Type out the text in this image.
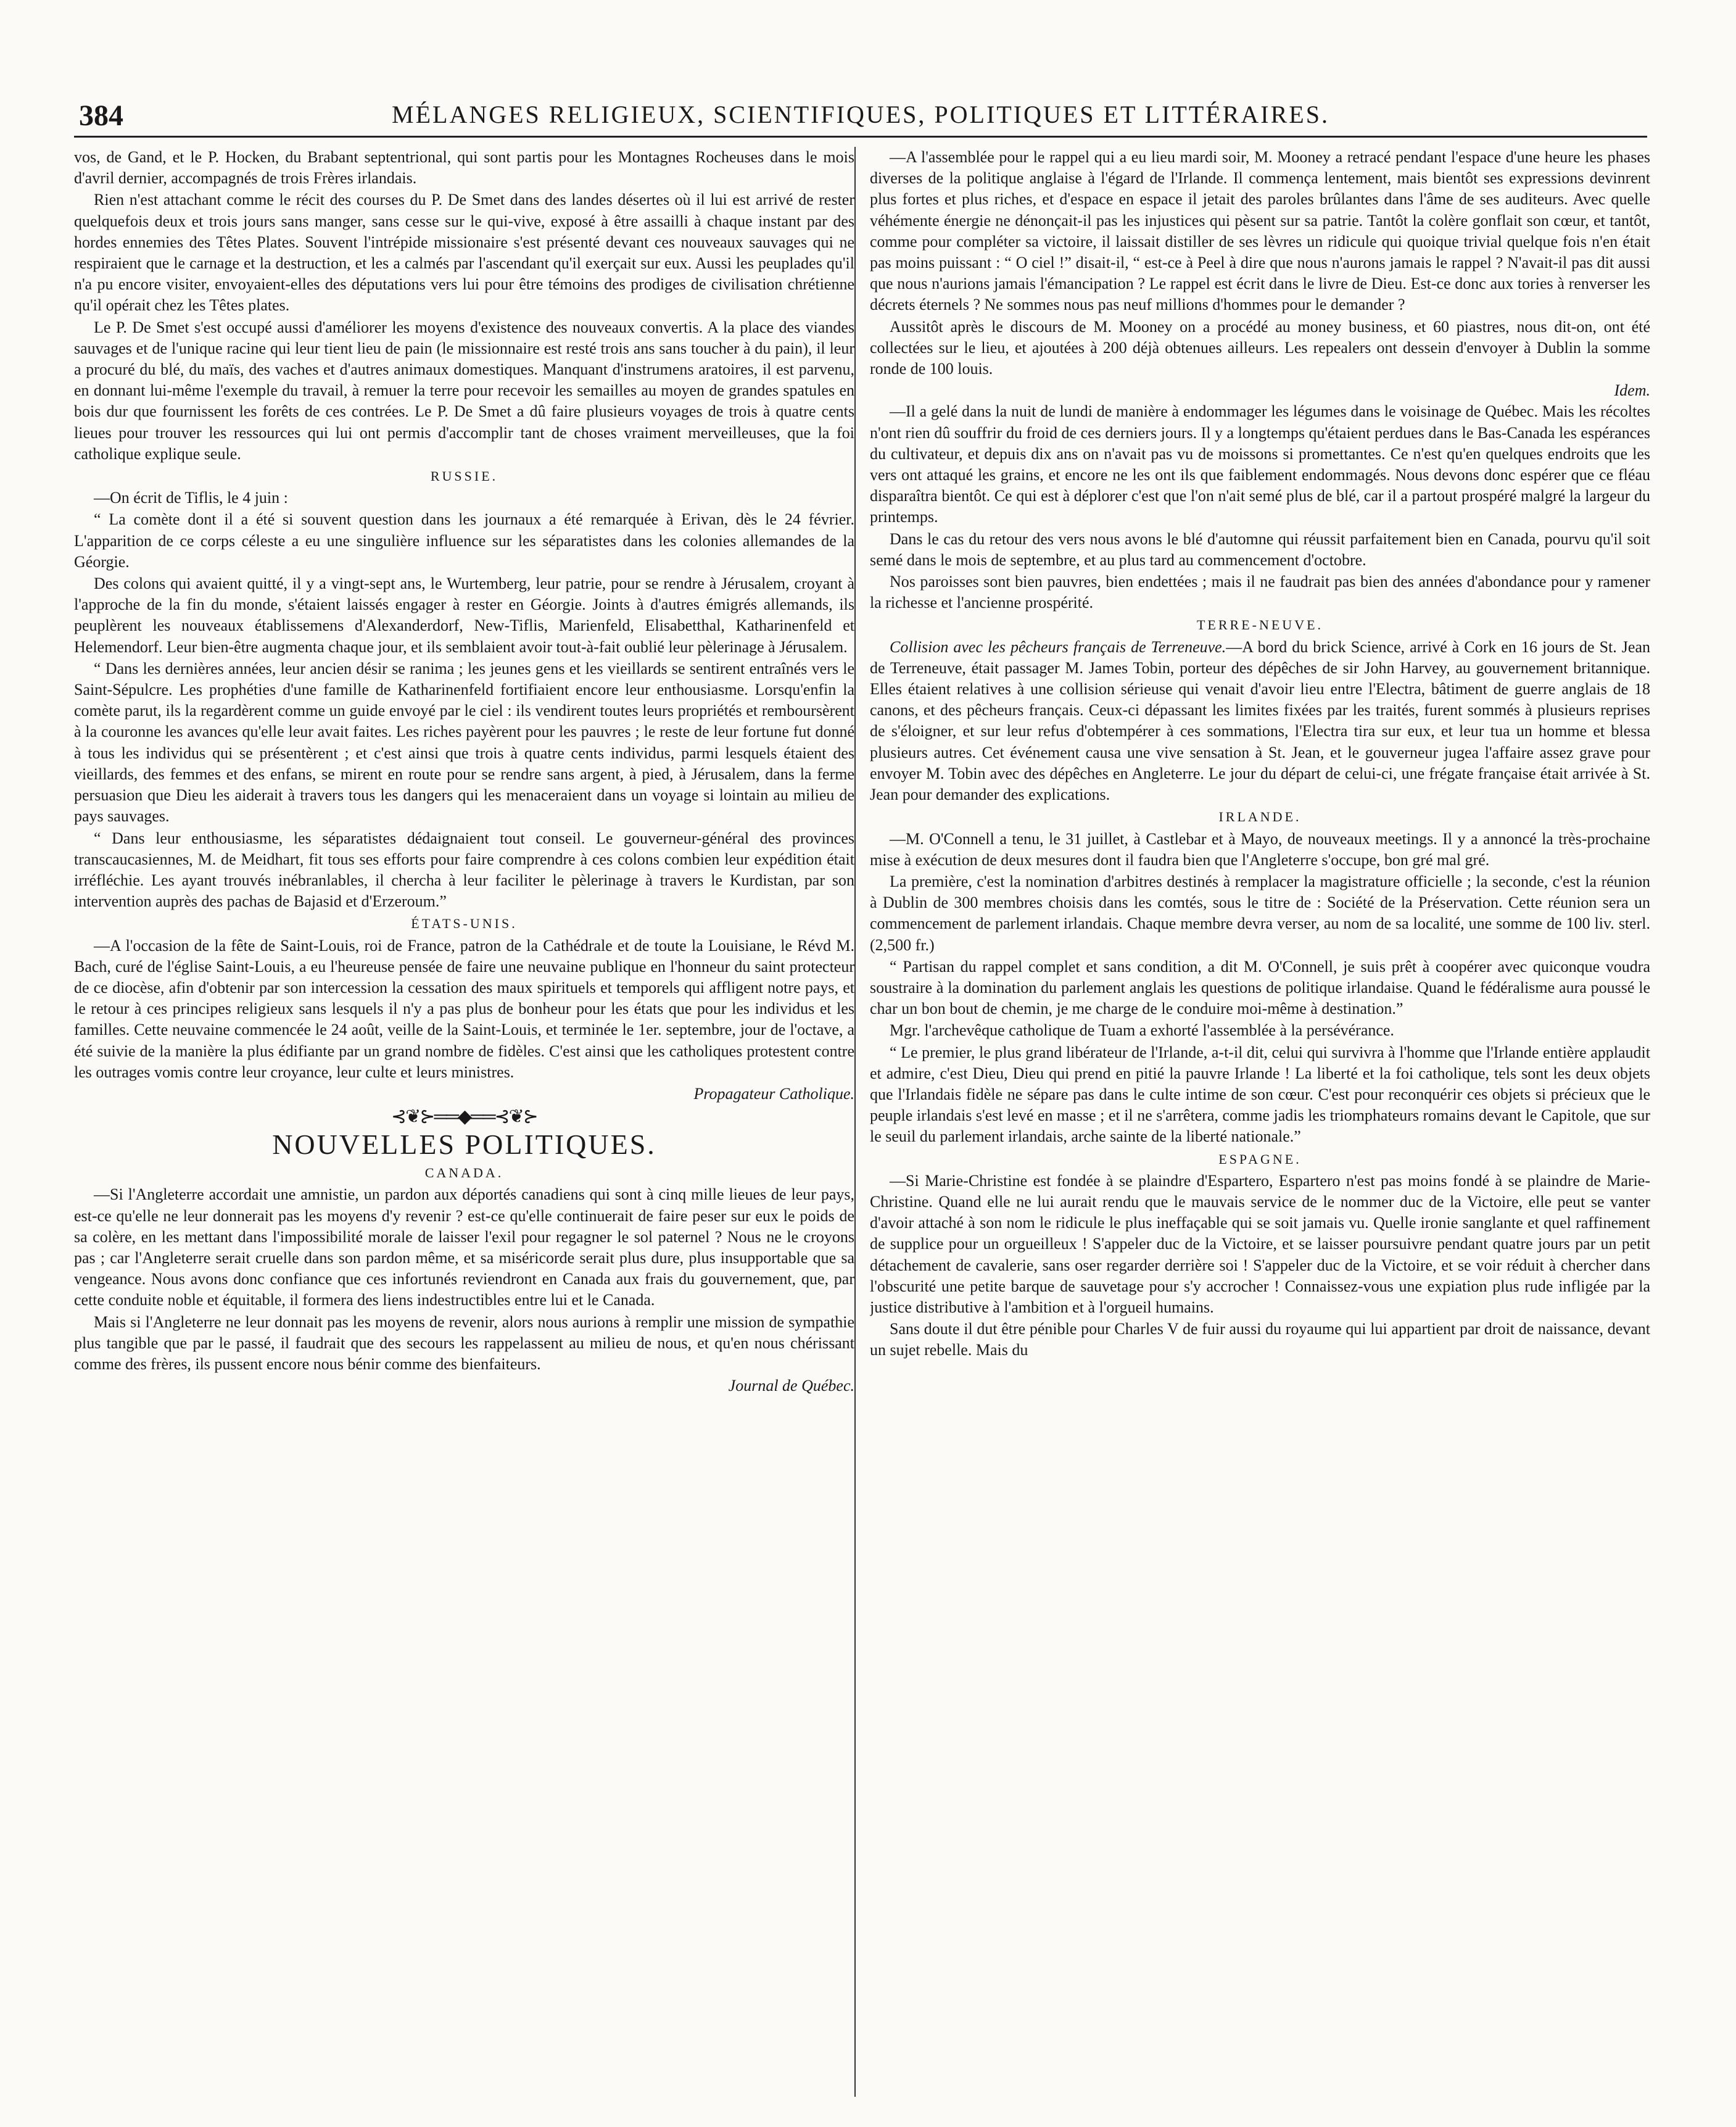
384	MÉLANGES RELIGIEUX, SCIENTIFIQUES, POLITIQUES ET LITTÉRAIRES.

vos, de Gand, et le P. Hocken, du Brabant septentrional, qui sont partis pour les Montagnes Rocheuses dans le mois d'avril dernier, accompagnés de trois Frères irlandais.

Rien n'est attachant comme le récit des courses du P. De Smet dans des landes désertes où il lui est arrivé de rester quelquefois deux et trois jours sans manger, sans cesse sur le qui-vive, exposé à être assailli à chaque instant par des hordes ennemies des Têtes Plates. Souvent l'intrépide missionaire s'est présenté devant ces nouveaux sauvages qui ne respiraient que le carnage et la destruction, et les a calmés par l'ascendant qu'il exerçait sur eux. Aussi les peuplades qu'il n'a pu encore visiter, envoyaient-elles des députations vers lui pour être témoins des prodiges de civilisation chrétienne qu'il opérait chez les Têtes plates.

Le P. De Smet s'est occupé aussi d'améliorer les moyens d'existence des nouveaux convertis. A la place des viandes sauvages et de l'unique racine qui leur tient lieu de pain (le missionnaire est resté trois ans sans toucher à du pain), il leur a procuré du blé, du maïs, des vaches et d'autres animaux domestiques. Manquant d'instrumens aratoires, il est parvenu, en donnant lui-même l'exemple du travail, à remuer la terre pour recevoir les semailles au moyen de grandes spatules en bois dur que fournissent les forêts de ces contrées. Le P. De Smet a dû faire plusieurs voyages de trois à quatre cents lieues pour trouver les ressources qui lui ont permis d'accomplir tant de choses vraiment merveilleuses, que la foi catholique explique seule.

RUSSIE.

—On écrit de Tiflis, le 4 juin :

“ La comète dont il a été si souvent question dans les journaux a été remarquée à Erivan, dès le 24 février. L'apparition de ce corps céleste a eu une singulière influence sur les séparatistes dans les colonies allemandes de la Géorgie.

Des colons qui avaient quitté, il y a vingt-sept ans, le Wurtemberg, leur patrie, pour se rendre à Jérusalem, croyant à l'approche de la fin du monde, s'étaient laissés engager à rester en Géorgie. Joints à d'autres émigrés allemands, ils peuplèrent les nouveaux établissemens d'Alexanderdorf, New-Tiflis, Marienfeld, Elisabetthal, Katharinenfeld et Helemendorf. Leur bien-être augmenta chaque jour, et ils semblaient avoir tout-à-fait oublié leur pèlerinage à Jérusalem.

“ Dans les dernières années, leur ancien désir se ranima ; les jeunes gens et les vieillards se sentirent entraînés vers le Saint-Sépulcre. Les prophéties d'une famille de Katharinenfeld fortifiaient encore leur enthousiasme. Lorsqu'enfin la comète parut, ils la regardèrent comme un guide envoyé par le ciel : ils vendirent toutes leurs propriétés et remboursèrent à la couronne les avances qu'elle leur avait faites. Les riches payèrent pour les pauvres ; le reste de leur fortune fut donné à tous les individus qui se présentèrent ; et c'est ainsi que trois à quatre cents individus, parmi lesquels étaient des vieillards, des femmes et des enfans, se mirent en route pour se rendre sans argent, à pied, à Jérusalem, dans la ferme persuasion que Dieu les aiderait à travers tous les dangers qui les menaceraient dans un voyage si lointain au milieu de pays sauvages.

“ Dans leur enthousiasme, les séparatistes dédaignaient tout conseil. Le gouverneur-général des provinces transcaucasiennes, M. de Meidhart, fit tous ses efforts pour faire comprendre à ces colons combien leur expédition était irréfléchie. Les ayant trouvés inébranlables, il chercha à leur faciliter le pèlerinage à travers le Kurdistan, par son intervention auprès des pachas de Bajasid et d'Erzeroum.”

ÉTATS-UNIS.

—A l'occasion de la fête de Saint-Louis, roi de France, patron de la Cathédrale et de toute la Louisiane, le Révd M. Bach, curé de l'église Saint-Louis, a eu l'heureuse pensée de faire une neuvaine publique en l'honneur du saint protecteur de ce diocèse, afin d'obtenir par son intercession la cessation des maux spirituels et temporels qui affligent notre pays, et le retour à ces principes religieux sans lesquels il n'y a pas plus de bonheur pour les états que pour les individus et les familles. Cette neuvaine commencée le 24 août, veille de la Saint-Louis, et terminée le 1er. septembre, jour de l'octave, a été suivie de la manière la plus édifiante par un grand nombre de fidèles. C'est ainsi que les catholiques protestent contre les outrages vomis contre leur croyance, leur culte et leurs ministres.

Propagateur Catholique.
⊰❦⊱══◆══⊰❦⊱
NOUVELLES POLITIQUES.
CANADA.

—Si l'Angleterre accordait une amnistie, un pardon aux déportés canadiens qui sont à cinq mille lieues de leur pays, est-ce qu'elle ne leur donnerait pas les moyens d'y revenir ? est-ce qu'elle continuerait de faire peser sur eux le poids de sa colère, en les mettant dans l'impossibilité morale de laisser l'exil pour regagner le sol paternel ? Nous ne le croyons pas ; car l'Angleterre serait cruelle dans son pardon même, et sa miséricorde serait plus dure, plus insupportable que sa vengeance. Nous avons donc confiance que ces infortunés reviendront en Canada aux frais du gouvernement, que, par cette conduite noble et équitable, il formera des liens indestructibles entre lui et le Canada.

Mais si l'Angleterre ne leur donnait pas les moyens de revenir, alors nous aurions à remplir une mission de sympathie plus tangible que par le passé, il faudrait que des secours les rappelassent au milieu de nous, et qu'en nous chérissant comme des frères, ils pussent encore nous bénir comme des bienfaiteurs.

Journal de Québec.

—A l'assemblée pour le rappel qui a eu lieu mardi soir, M. Mooney a retracé pendant l'espace d'une heure les phases diverses de la politique anglaise à l'égard de l'Irlande. Il commença lentement, mais bientôt ses expressions devinrent plus fortes et plus riches, et d'espace en espace il jetait des paroles brûlantes dans l'âme de ses auditeurs. Avec quelle véhémente énergie ne dénonçait-il pas les injustices qui pèsent sur sa patrie. Tantôt la colère gonflait son cœur, et tantôt, comme pour compléter sa victoire, il laissait distiller de ses lèvres un ridicule qui quoique trivial quelque fois n'en était pas moins puissant : “ O ciel !” disait-il, “ est-ce à Peel à dire que nous n'aurons jamais le rappel ? N'avait-il pas dit aussi que nous n'aurions jamais l'émancipation ? Le rappel est écrit dans le livre de Dieu. Est-ce donc aux tories à renverser les décrets éternels ? Ne sommes nous pas neuf millions d'hommes pour le demander ?

Aussitôt après le discours de M. Mooney on a procédé au money business, et 60 piastres, nous dit-on, ont été collectées sur le lieu, et ajoutées à 200 déjà obtenues ailleurs. Les repealers ont dessein d'envoyer à Dublin la somme ronde de 100 louis.

Idem.

—Il a gelé dans la nuit de lundi de manière à endommager les légumes dans le voisinage de Québec. Mais les récoltes n'ont rien dû souffrir du froid de ces derniers jours. Il y a longtemps qu'étaient perdues dans le Bas-Canada les espérances du cultivateur, et depuis dix ans on n'avait pas vu de moissons si promettantes. Ce n'est qu'en quelques endroits que les vers ont attaqué les grains, et encore ne les ont ils que faiblement endommagés. Nous devons donc espérer que ce fléau disparaîtra bientôt. Ce qui est à déplorer c'est que l'on n'ait semé plus de blé, car il a partout prospéré malgré la largeur du printemps.

Dans le cas du retour des vers nous avons le blé d'automne qui réussit parfaitement bien en Canada, pourvu qu'il soit semé dans le mois de septembre, et au plus tard au commencement d'octobre.

Nos paroisses sont bien pauvres, bien endettées ; mais il ne faudrait pas bien des années d'abondance pour y ramener la richesse et l'ancienne prospérité.

TERRE-NEUVE.

Collision avec les pêcheurs français de Terreneuve.—A bord du brick Science, arrivé à Cork en 16 jours de St. Jean de Terreneuve, était passager M. James Tobin, porteur des dépêches de sir John Harvey, au gouvernement britannique. Elles étaient relatives à une collision sérieuse qui venait d'avoir lieu entre l'Electra, bâtiment de guerre anglais de 18 canons, et des pêcheurs français. Ceux-ci dépassant les limites fixées par les traités, furent sommés à plusieurs reprises de s'éloigner, et sur leur refus d'obtempérer à ces sommations, l'Electra tira sur eux, et leur tua un homme et blessa plusieurs autres. Cet événement causa une vive sensation à St. Jean, et le gouverneur jugea l'affaire assez grave pour envoyer M. Tobin avec des dépêches en Angleterre. Le jour du départ de celui-ci, une frégate française était arrivée à St. Jean pour demander des explications.

IRLANDE.

—M. O'Connell a tenu, le 31 juillet, à Castlebar et à Mayo, de nouveaux meetings. Il y a annoncé la très-prochaine mise à exécution de deux mesures dont il faudra bien que l'Angleterre s'occupe, bon gré mal gré.

La première, c'est la nomination d'arbitres destinés à remplacer la magistrature officielle ; la seconde, c'est la réunion à Dublin de 300 membres choisis dans les comtés, sous le titre de : Société de la Préservation. Cette réunion sera un commencement de parlement irlandais. Chaque membre devra verser, au nom de sa localité, une somme de 100 liv. sterl. (2,500 fr.)

“ Partisan du rappel complet et sans condition, a dit M. O'Connell, je suis prêt à coopérer avec quiconque voudra soustraire à la domination du parlement anglais les questions de politique irlandaise. Quand le fédéralisme aura poussé le char un bon bout de chemin, je me charge de le conduire moi-même à destination.”

Mgr. l'archevêque catholique de Tuam a exhorté l'assemblée à la persévérance.

“ Le premier, le plus grand libérateur de l'Irlande, a-t-il dit, celui qui survivra à l'homme que l'Irlande entière applaudit et admire, c'est Dieu, Dieu qui prend en pitié la pauvre Irlande ! La liberté et la foi catholique, tels sont les deux objets que l'Irlandais fidèle ne sépare pas dans le culte intime de son cœur. C'est pour reconquérir ces objets si précieux que le peuple irlandais s'est levé en masse ; et il ne s'arrêtera, comme jadis les triomphateurs romains devant le Capitole, que sur le seuil du parlement irlandais, arche sainte de la liberté nationale.”

ESPAGNE.

—Si Marie-Christine est fondée à se plaindre d'Espartero, Espartero n'est pas moins fondé à se plaindre de Marie-Christine. Quand elle ne lui aurait rendu que le mauvais service de le nommer duc de la Victoire, elle peut se vanter d'avoir attaché à son nom le ridicule le plus ineffaçable qui se soit jamais vu. Quelle ironie sanglante et quel raffinement de supplice pour un orgueilleux ! S'appeler duc de la Victoire, et se laisser poursuivre pendant quatre jours par un petit détachement de cavalerie, sans oser regarder derrière soi ! S'appeler duc de la Victoire, et se voir réduit à chercher dans l'obscurité une petite barque de sauvetage pour s'y accrocher ! Connaissez-vous une expiation plus rude infligée par la justice distributive à l'ambition et à l'orgueil humains.

Sans doute il dut être pénible pour Charles V de fuir aussi du royaume qui lui appartient par droit de naissance, devant un sujet rebelle. Mais du
